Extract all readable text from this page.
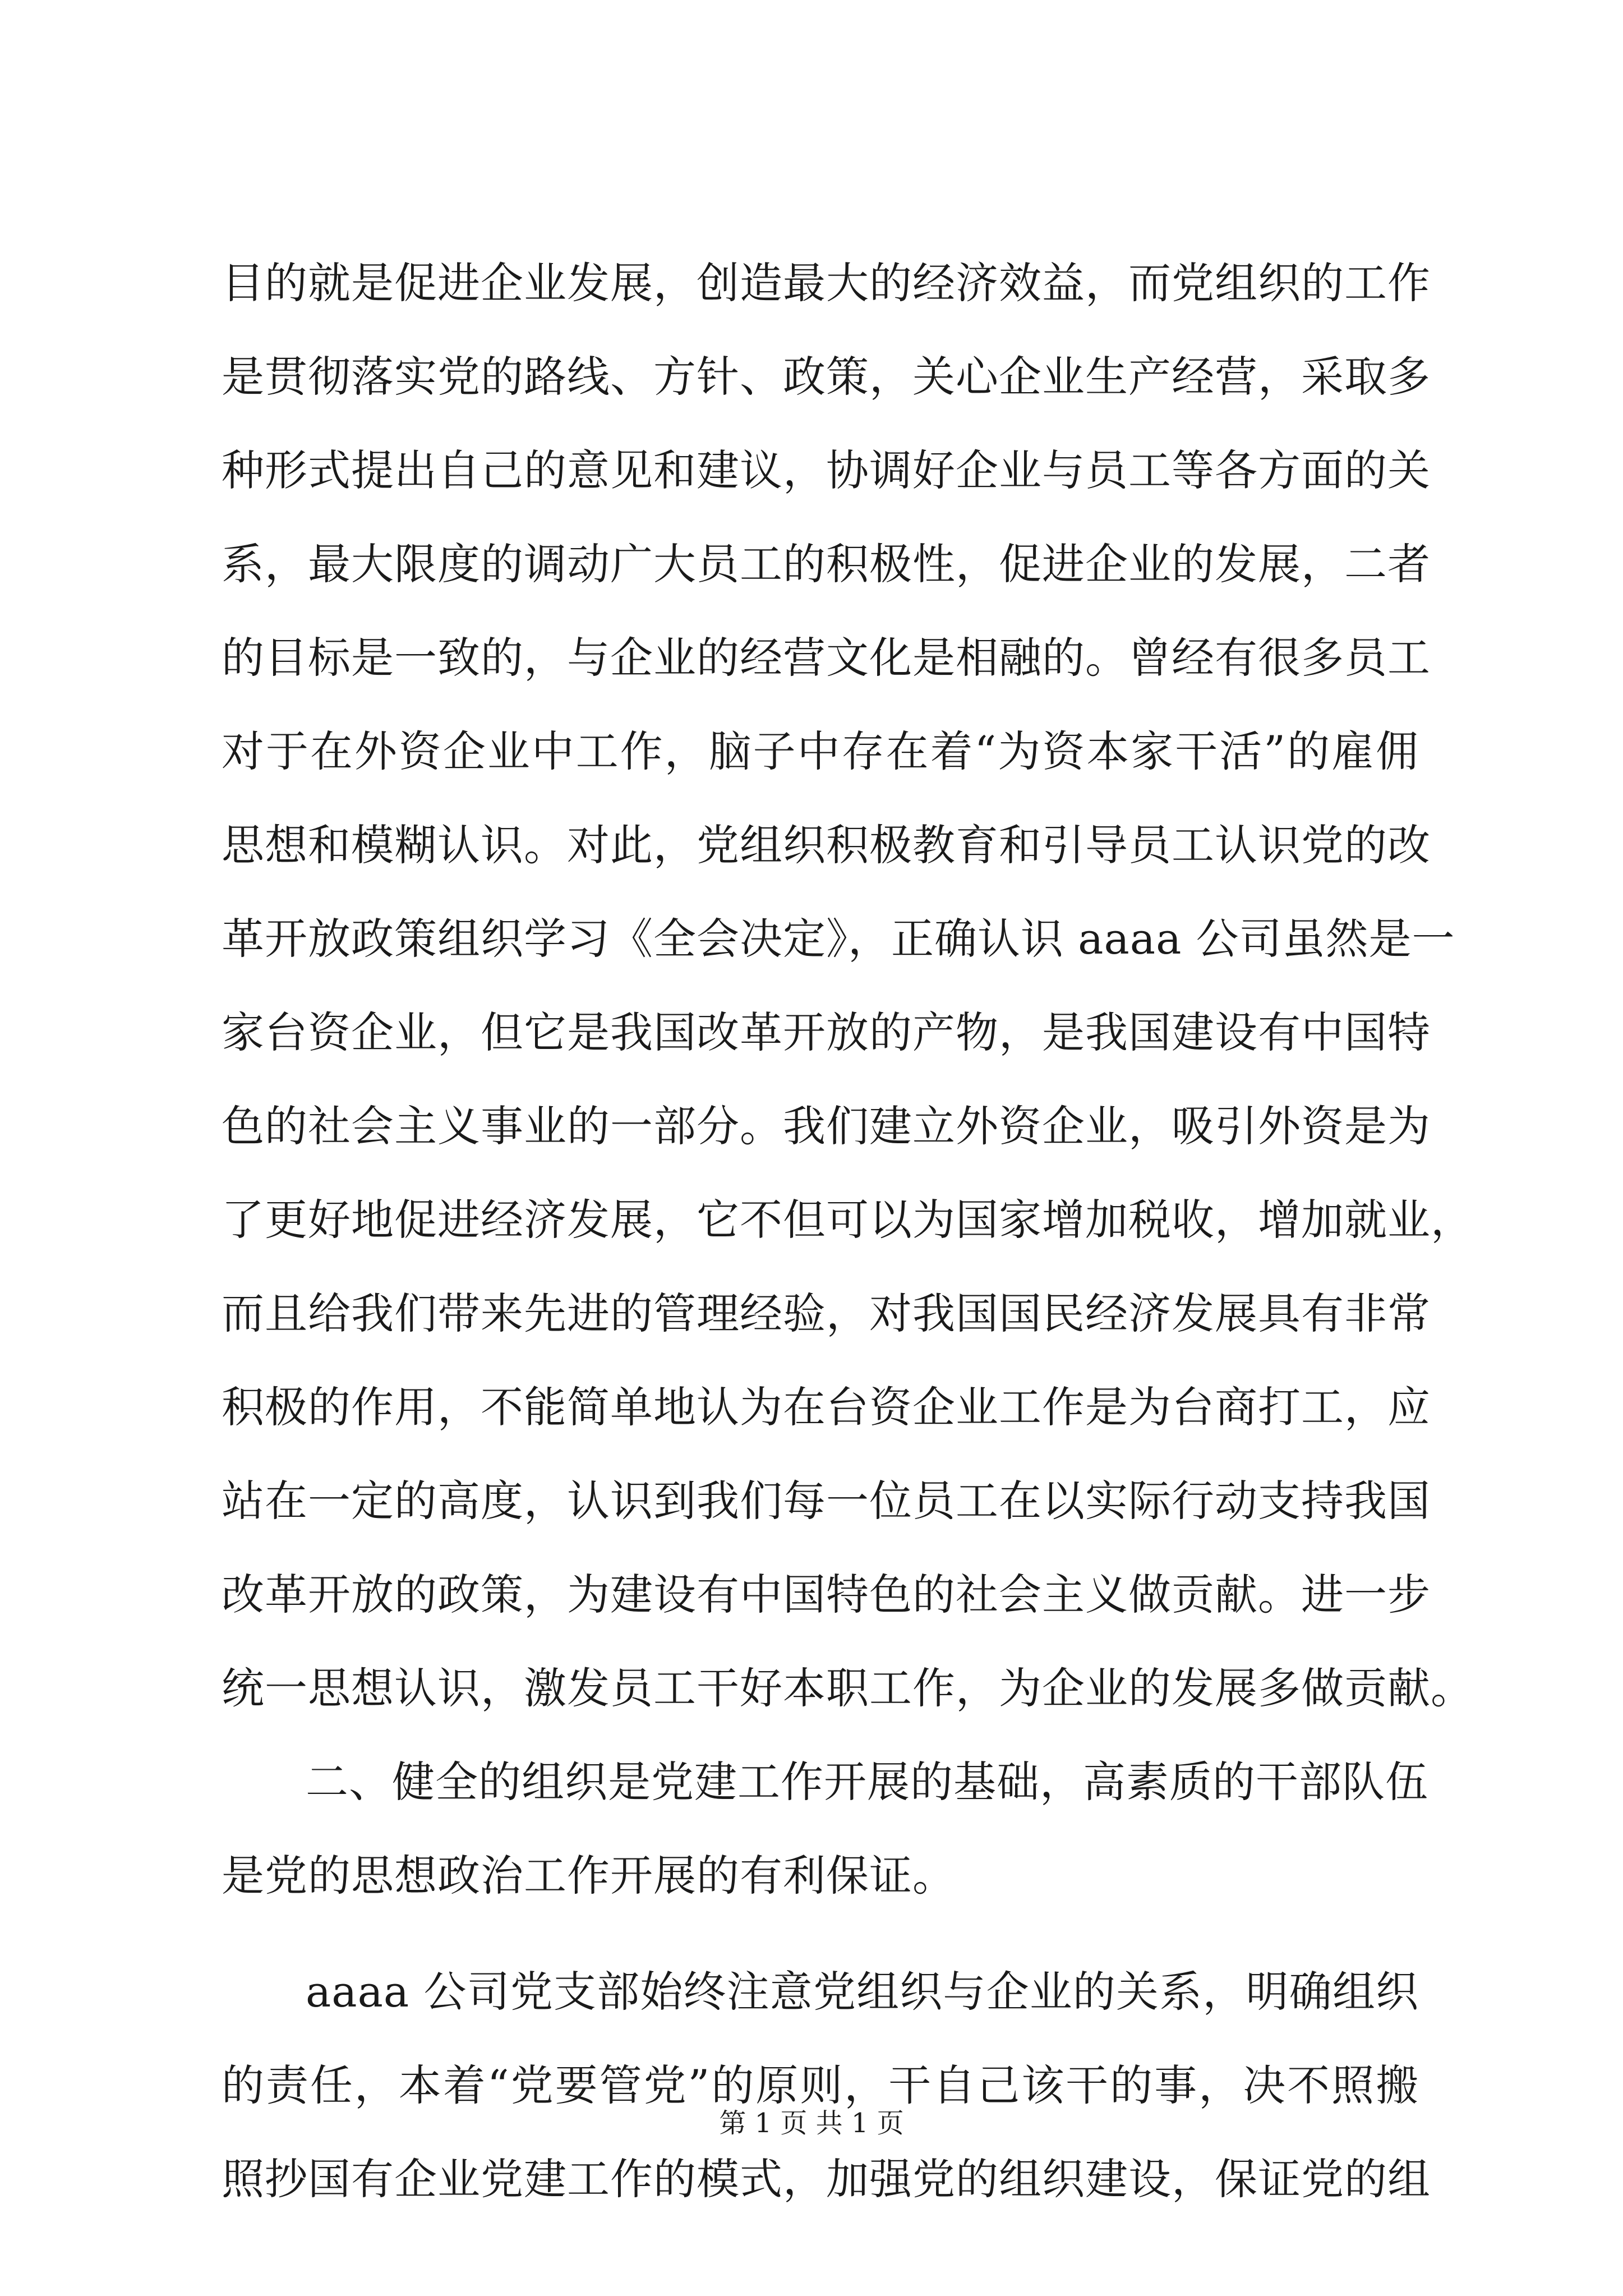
目的就是促进企业发展，创造最大的经济效益，而党组织的工作
是贯彻落实党的路线、方针、政策，关心企业生产经营，采取多
种形式提出自己的意见和建议，协调好企业与员工等各方面的关
系，最大限度的调动广大员工的积极性，促进企业的发展，二者
的目标是一致的，与企业的经营文化是相融的。曾经有很多员工
对于在外资企业中工作，脑子中存在着“为资本家干活”的雇佣
思想和模糊认识。对此，党组织积极教育和引导员工认识党的改
革开放政策组织学习《全会决定》，正确认识 aaaa 公司虽然是一
家台资企业，但它是我国改革开放的产物，是我国建设有中国特
色的社会主义事业的一部分。我们建立外资企业，吸引外资是为
了更好地促进经济发展，它不但可以为国家增加税收，增加就业，
而且给我们带来先进的管理经验，对我国国民经济发展具有非常
积极的作用，不能简单地认为在台资企业工作是为台商打工，应
站在一定的高度，认识到我们每一位员工在以实际行动支持我国
改革开放的政策，为建设有中国特色的社会主义做贡献。进一步
统一思想认识，激发员工干好本职工作，为企业的发展多做贡献。
二、健全的组织是党建工作开展的基础，高素质的干部队伍
是党的思想政治工作开展的有利保证。
aaaa 公司党支部始终注意党组织与企业的关系，明确组织
的责任，本着“党要管党”的原则，干自己该干的事，决不照搬
照抄国有企业党建工作的模式，加强党的组织建设，保证党的组
第 1 页 共 1 页
